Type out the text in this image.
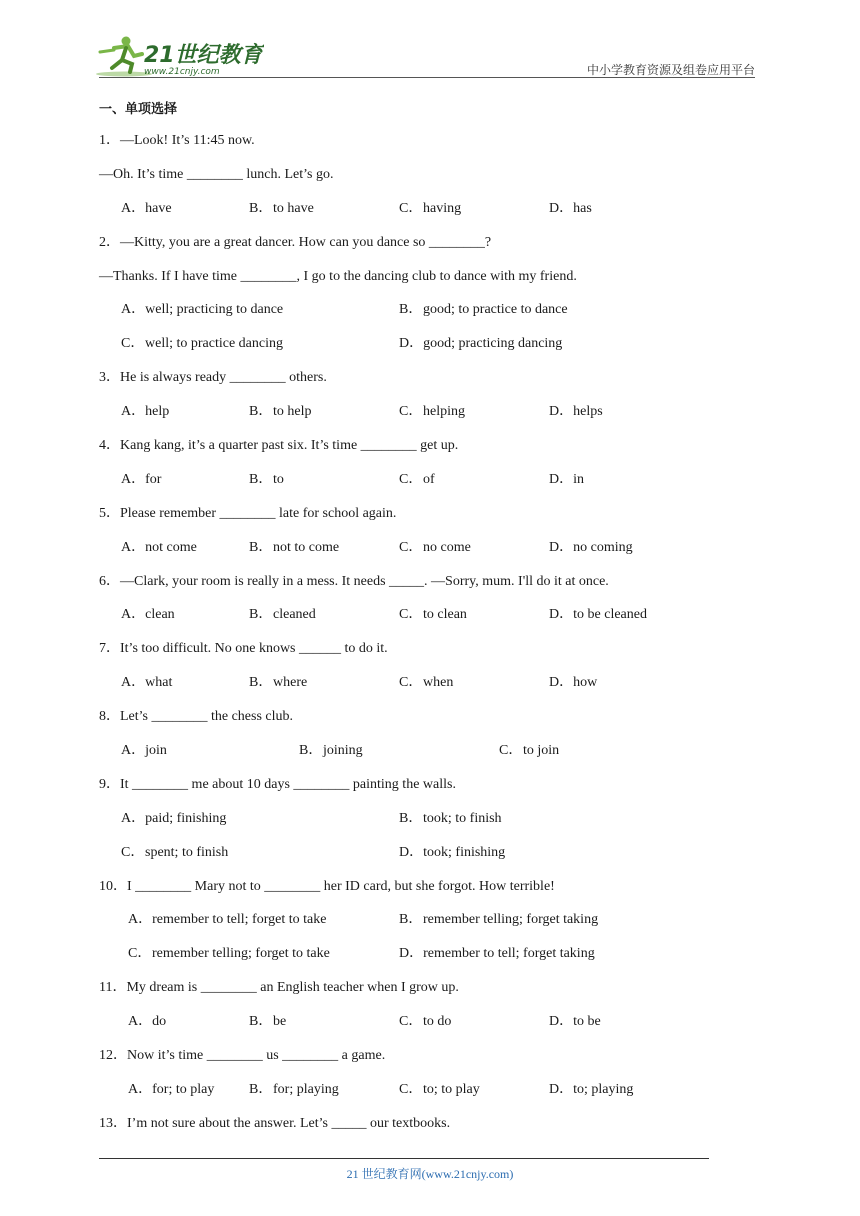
21世纪教育
www.21cnjy.com	中小学教育资源及组卷应用平台
一、单项选择
1．—Look! It’s 11:45 now.
—Oh. It’s time ________ lunch. Let’s go.
A．have	B．to have	C．having	D．has
2．—Kitty, you are a great dancer. How can you dance so ________?
—Thanks. If I have time ________, I go to the dancing club to dance with my friend.
A．well; practicing to dance	B．good; to practice to dance
C．well; to practice dancing	D．good; practicing dancing
3．He is always ready ________ others.
A．help	B．to help	C．helping	D．helps
4．Kang kang, it’s a quarter past six. It’s time ________ get up.
A．for	B．to	C．of	D．in
5．Please remember ________ late for school again.
A．not come	B．not to come	C．no come	D．no coming
6．—Clark, your room is really in a mess. It needs _____. —Sorry, mum. I'll do it at once.
A．clean	B．cleaned	C．to clean	D．to be cleaned
7．It’s too difficult. No one knows ______ to do it.
A．what	B．where	C．when	D．how
8．Let’s ________ the chess club.
A．join	B．joining	C．to join
9．It ________ me about 10 days ________ painting the walls.
A．paid; finishing	B．took; to finish
C．spent; to finish	D．took; finishing
10．I ________ Mary not to ________ her ID card, but she forgot. How terrible!
A．remember to tell; forget to take	B．remember telling; forget taking
C．remember telling; forget to take	D．remember to tell; forget taking
11．My dream is ________ an English teacher when I grow up.
A．do	B．be	C．to do	D．to be
12．Now it’s time ________ us ________ a game.
A．for; to play B．for; playing	C．to; to play	D．to; playing
13．I’m not sure about the answer. Let’s _____ our textbooks.
21 世纪教育网(www.21cnjy.com)
